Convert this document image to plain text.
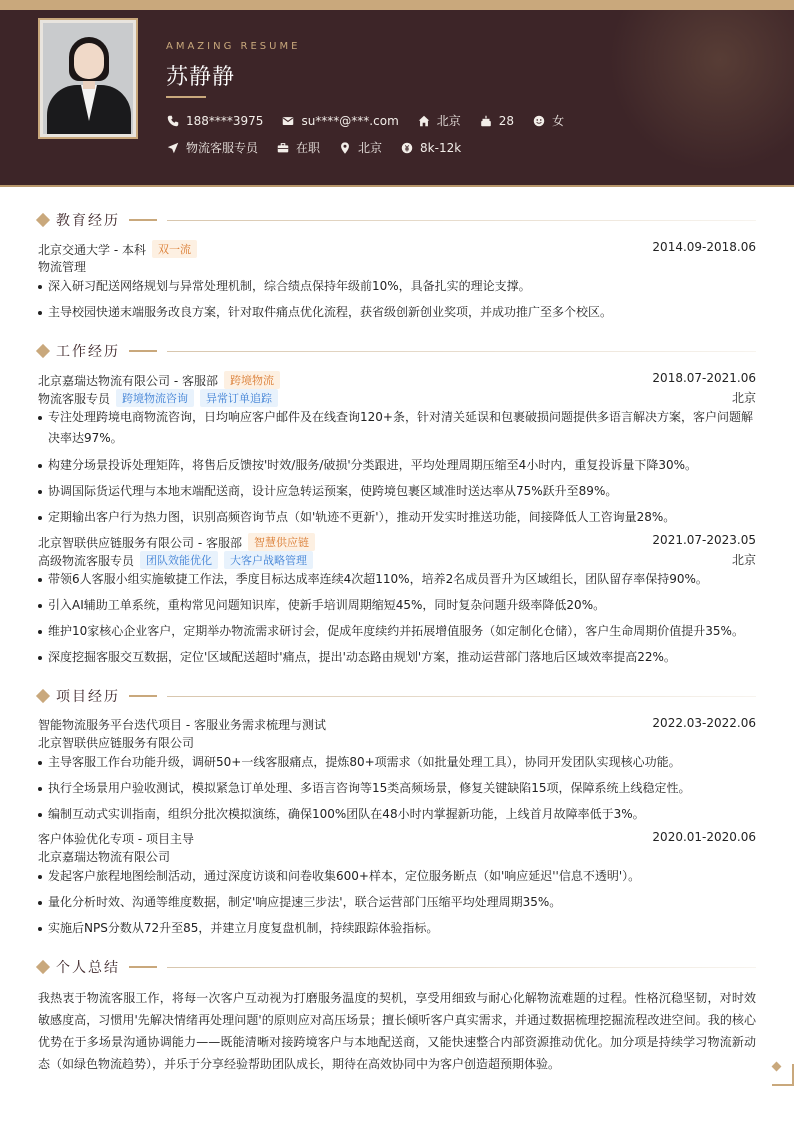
AMAZING RESUME
苏静静
188****3975	su****@***.com	北京	28	女
物流客服专员	在职	北京	8k-12k
教育经历
北京交通大学 - 本科	双一流	2014.09-2018.06
物流管理
深入研习配送网络规划与异常处理机制，综合绩点保持年级前10%，具备扎实的理论支撑。
主导校园快递末端服务改良方案，针对取件痛点优化流程，获省级创新创业奖项，并成功推广至多个校区。
工作经历
北京嘉瑞达物流有限公司 - 客服部	跨境物流	2018.07-2021.06
物流客服专员	跨境物流咨询	异常订单追踪	北京
专注处理跨境电商物流咨询，日均响应客户邮件及在线查询120+条，针对清关延误和包裹破损问题提供多语言解决方案，客户问题解决率达97%。
构建分场景投诉处理矩阵，将售后反馈按'时效/服务/破损'分类跟进，平均处理周期压缩至4小时内，重复投诉量下降30%。
协调国际货运代理与本地末端配送商，设计应急转运预案，使跨境包裹区域准时送达率从75%跃升至89%。
定期输出客户行为热力图，识别高频咨询节点（如'轨迹不更新'），推动开发实时推送功能，间接降低人工咨询量28%。
北京智联供应链服务有限公司 - 客服部	智慧供应链	2021.07-2023.05
高级物流客服专员	团队效能优化	大客户战略管理	北京
带领6人客服小组实施敏捷工作法，季度目标达成率连续4次超110%，培养2名成员晋升为区域组长，团队留存率保持90%。
引入AI辅助工单系统，重构常见问题知识库，使新手培训周期缩短45%，同时复杂问题升级率降低20%。
维护10家核心企业客户，定期举办物流需求研讨会，促成年度续约并拓展增值服务（如定制化仓储），客户生命周期价值提升35%。
深度挖掘客服交互数据，定位'区域配送超时'痛点，提出'动态路由规划'方案，推动运营部门落地后区域效率提高22%。
项目经历
智能物流服务平台迭代项目 - 客服业务需求梳理与测试	2022.03-2022.06
北京智联供应链服务有限公司
主导客服工作台功能升级，调研50+一线客服痛点，提炼80+项需求（如批量处理工具），协同开发团队实现核心功能。
执行全场景用户验收测试，模拟紧急订单处理、多语言咨询等15类高频场景，修复关键缺陷15项，保障系统上线稳定性。
编制互动式实训指南，组织分批次模拟演练，确保100%团队在48小时内掌握新功能，上线首月故障率低于3%。
客户体验优化专项 - 项目主导	2020.01-2020.06
北京嘉瑞达物流有限公司
发起客户旅程地图绘制活动，通过深度访谈和问卷收集600+样本，定位服务断点（如'响应延迟''信息不透明'）。
量化分析时效、沟通等维度数据，制定'响应提速三步法'，联合运营部门压缩平均处理周期35%。
实施后NPS分数从72升至85，并建立月度复盘机制，持续跟踪体验指标。
个人总结
我热衷于物流客服工作，将每一次客户互动视为打磨服务温度的契机，享受用细致与耐心化解物流难题的过程。性格沉稳坚韧，对时效敏感度高，习惯用'先解决情绪再处理问题'的原则应对高压场景；擅长倾听客户真实需求，并通过数据梳理挖掘流程改进空间。我的核心优势在于多场景沟通协调能力——既能清晰对接跨境客户与本地配送商，又能快速整合内部资源推动优化。加分项是持续学习物流新动态（如绿色物流趋势），并乐于分享经验帮助团队成长，期待在高效协同中为客户创造超预期体验。
